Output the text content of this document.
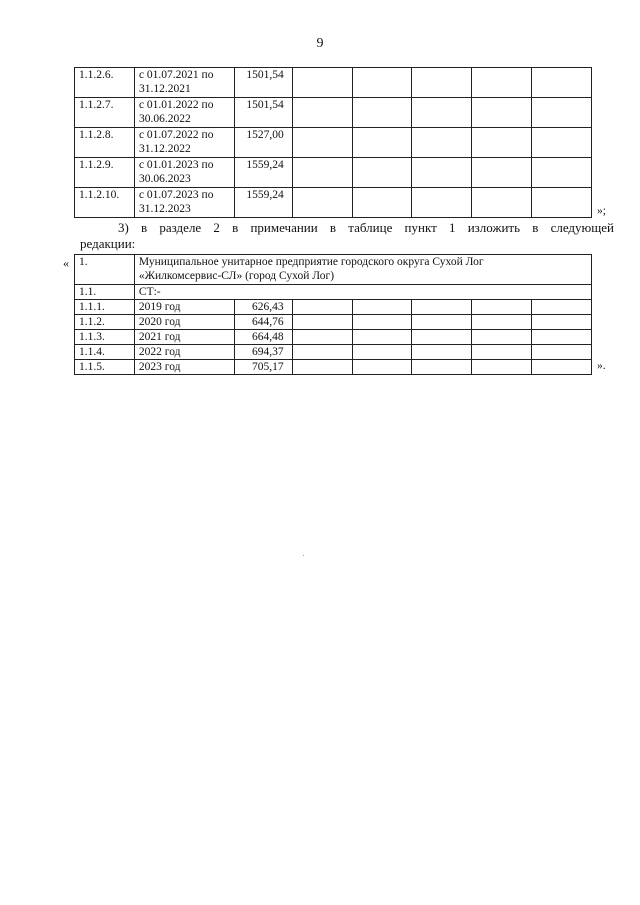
9
1.1.2.6.	с 01.07.2021 по
31.12.2021	1501,54					
1.1.2.7.	с 01.01.2022 по
30.06.2022	1501,54					
1.1.2.8.	с 01.07.2022 по
31.12.2022	1527,00					
1.1.2.9.	с 01.01.2023 по
30.06.2023	1559,24					
1.1.2.10.	с 01.07.2023 по
31.12.2023	1559,24					
»;
3) в разделе 2 в примечании в таблице пункт 1 изложить в следующей
редакции:
« 1.	Муниципальное унитарное предприятие городского округа Сухой Лог
«Жилкомсервис-СЛ» (город Сухой Лог)						

1.1.	СТ:-						
1.1.1.	2019 год	626,43					
1.1.2.	2020 год	644,76					
1.1.3.	2021 год	664,48					
1.1.4.	2022 год	694,37					
1.1.5.	2023 год	705,17						».
